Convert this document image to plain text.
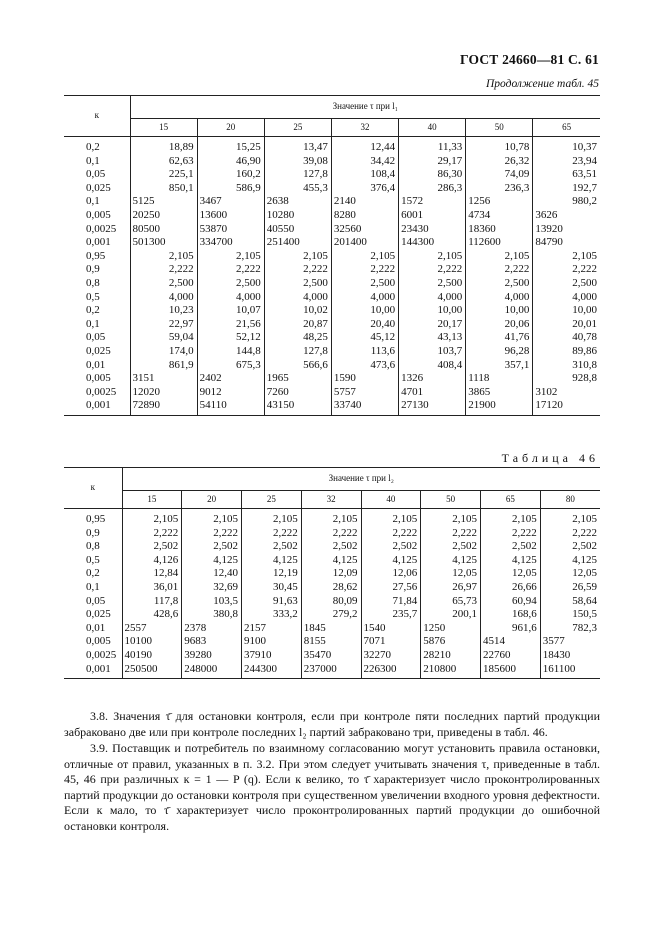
ГОСТ 24660—81 С. 61
Продолжение табл. 45
к	Значение τ при l₁						
	15	20	25	32	40	50	65
0,2	18,89	15,25	13,47	12,44	11,33	10,78	10,37
0,1	62,63	46,90	39,08	34,42	29,17	26,32	23,94
0,05	225,1	160,2	127,8	108,4	86,30	74,09	63,51
0,025	850,1	586,9	455,3	376,4	286,3	236,3	192,7
0,1	5125	3467	2638	2140	1572	1256	980,2
0,005	20250	13600	10280	8280	6001	4734	3626
0,0025	80500	53870	40550	32560	23430	18360	13920
0,001	501300	334700	251400	201400	144300	112600	84790
0,95	2,105	2,105	2,105	2,105	2,105	2,105	2,105
0,9	2,222	2,222	2,222	2,222	2,222	2,222	2,222
0,8	2,500	2,500	2,500	2,500	2,500	2,500	2,500
0,5	4,000	4,000	4,000	4,000	4,000	4,000	4,000
0,2	10,23	10,07	10,02	10,00	10,00	10,00	10,00
0,1	22,97	21,56	20,87	20,40	20,17	20,06	20,01
0,05	59,04	52,12	48,25	45,12	43,13	41,76	40,78
0,025	174,0	144,8	127,8	113,6	103,7	96,28	89,86
0,01	861,9	675,3	566,6	473,6	408,4	357,1	310,8
0,005	3151	2402	1965	1590	1326	1118	928,8
0,0025	12020	9012	7260	5757	4701	3865	3102
0,001	72890	54110	43150	33740	27130	21900	17120
Таблица 46
к	Значение τ при l₂							
	15	20	25	32	40	50	65	80
0,95	2,105	2,105	2,105	2,105	2,105	2,105	2,105	2,105
0,9	2,222	2,222	2,222	2,222	2,222	2,222	2,222	2,222
0,8	2,502	2,502	2,502	2,502	2,502	2,502	2,502	2,502
0,5	4,126	4,125	4,125	4,125	4,125	4,125	4,125	4,125
0,2	12,84	12,40	12,19	12,09	12,06	12,05	12,05	12,05
0,1	36,01	32,69	30,45	28,62	27,56	26,97	26,66	26,59
0,05	117,8	103,5	91,63	80,09	71,84	65,73	60,94	58,64
0,025	428,6	380,8	333,2	279,2	235,7	200,1	168,6	150,5
0,01	2557	2378	2157	1845	1540	1250	961,6	782,3
0,005	10100	9683	9100	8155	7071	5876	4514	3577
0,0025	40190	39280	37910	35470	32270	28210	22760	18430
0,001	250500	248000	244300	237000	226300	210800	185600	161100

3.8. Значения τ̄ для остановки контроля, если при контроле пяти последних партий продукции забраковано две или при контроле последних l₂ партий забраковано три, приведены в табл. 46.

3.9. Поставщик и потребитель по взаимному согласованию могут установить правила остановки, отличные от правил, указанных в п. 3.2. При этом следует учитывать значения τ, приведенные в табл. 45, 46 при различных к = 1 — P (q). Если к велико, то τ̄ характеризует число проконтролированных партий продукции до остановки контроля при существенном увеличении входного уровня дефектности. Если к мало, то τ̄ характеризует число проконтролированных партий продукции до ошибочной остановки контроля.
